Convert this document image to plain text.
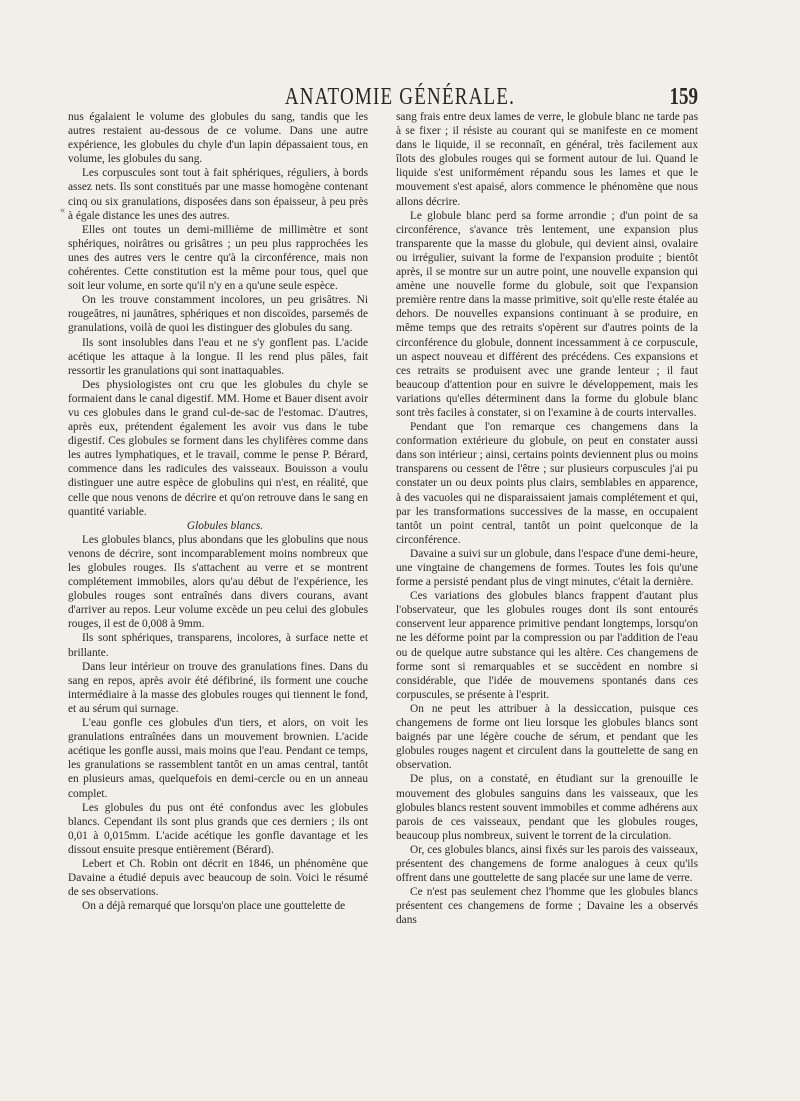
ANATOMIE GÉNÉRALE.	159
«

nus égalaient le volume des globules du sang, tandis que les autres restaient au-dessous de ce volume. Dans une autre expérience, les globules du chyle d'un lapin dépassaient tous, en volume, les globules du sang.

Les corpuscules sont tout à fait sphériques, réguliers, à bords assez nets. Ils sont constitués par une masse homogène contenant cinq ou six granulations, disposées dans son épaisseur, à peu près à égale distance les unes des autres.

Elles ont toutes un demi-millième de millimètre et sont sphériques, noirâtres ou grisâtres ; un peu plus rapprochées les unes des autres vers le centre qu'à la circonférence, mais non cohérentes. Cette constitution est la même pour tous, quel que soit leur volume, en sorte qu'il n'y en a qu'une seule espèce.

On les trouve constamment incolores, un peu grisâtres. Ni rougeâtres, ni jaunâtres, sphériques et non discoïdes, parsemés de granulations, voilà de quoi les distinguer des globules du sang.

Ils sont insolubles dans l'eau et ne s'y gonflent pas. L'acide acétique les attaque à la longue. Il les rend plus pâles, fait ressortir les granulations qui sont inattaquables.

Des physiologistes ont cru que les globules du chyle se formaient dans le canal digestif. MM. Home et Bauer disent avoir vu ces globules dans le grand cul-de-sac de l'estomac. D'autres, après eux, prétendent également les avoir vus dans le tube digestif. Ces globules se forment dans les chylifères comme dans les autres lymphatiques, et le travail, comme le pense P. Bérard, commence dans les radicules des vaisseaux. Bouisson a voulu distinguer une autre espèce de globulins qui n'est, en réalité, que celle que nous venons de décrire et qu'on retrouve dans le sang en quantité variable.

Globules blancs.

Les globules blancs, plus abondans que les globulins que nous venons de décrire, sont incomparablement moins nombreux que les globules rouges. Ils s'attachent au verre et se montrent complétement immobiles, alors qu'au début de l'expérience, les globules rouges sont entraînés dans divers courans, avant d'arriver au repos. Leur volume excède un peu celui des globules rouges, il est de 0,008 à 9mm.

Ils sont sphériques, transparens, incolores, à surface nette et brillante.

Dans leur intérieur on trouve des granulations fines. Dans du sang en repos, après avoir été défibriné, ils forment une couche intermédiaire à la masse des globules rouges qui tiennent le fond, et au sérum qui surnage.

L'eau gonfle ces globules d'un tiers, et alors, on voit les granulations entraînées dans un mouvement brownien. L'acide acétique les gonfle aussi, mais moins que l'eau. Pendant ce temps, les granulations se rassemblent tantôt en un amas central, tantôt en plusieurs amas, quelquefois en demi-cercle ou en un anneau complet.

Les globules du pus ont été confondus avec les globules blancs. Cependant ils sont plus grands que ces derniers ; ils ont 0,01 à 0,015mm. L'acide acétique les gonfle davantage et les dissout ensuite presque entièrement (Bérard).

Lebert et Ch. Robin ont décrit en 1846, un phénomène que Davaine a étudié depuis avec beaucoup de soin. Voici le résumé de ses observations.

On a déjà remarqué que lorsqu'on place une gouttelette de

sang frais entre deux lames de verre, le globule blanc ne tarde pas à se fixer ; il résiste au courant qui se manifeste en ce moment dans le liquide, il se reconnaît, en général, très facilement aux îlots des globules rouges qui se forment autour de lui. Quand le liquide s'est uniformément répandu sous les lames et que le mouvement s'est apaisé, alors commence le phénomène que nous allons décrire.

Le globule blanc perd sa forme arrondie ; d'un point de sa circonférence, s'avance très lentement, une expansion plus transparente que la masse du globule, qui devient ainsi, ovalaire ou irrégulier, suivant la forme de l'expansion produite ; bientôt après, il se montre sur un autre point, une nouvelle expansion qui amène une nouvelle forme du globule, soit que l'expansion première rentre dans la masse primitive, soit qu'elle reste étalée au dehors. De nouvelles expansions continuant à se produire, en même temps que des retraits s'opèrent sur d'autres points de la circonférence du globule, donnent incessamment à ce corpuscule, un aspect nouveau et différent des précédens. Ces expansions et ces retraits se produisent avec une grande lenteur ; il faut beaucoup d'attention pour en suivre le développement, mais les variations qu'elles déterminent dans la forme du globule blanc sont très faciles à constater, si on l'examine à de courts intervalles.

Pendant que l'on remarque ces changemens dans la conformation extérieure du globule, on peut en constater aussi dans son intérieur ; ainsi, certains points deviennent plus ou moins transparens ou cessent de l'être ; sur plusieurs corpuscules j'ai pu constater un ou deux points plus clairs, semblables en apparence, à des vacuoles qui ne disparaissaient jamais complétement et qui, par les transformations successives de la masse, en occupaient tantôt un point central, tantôt un point quelconque de la circonférence.

Davaine a suivi sur un globule, dans l'espace d'une demi-heure, une vingtaine de changemens de formes. Toutes les fois qu'une forme a persisté pendant plus de vingt minutes, c'était la dernière.

Ces variations des globules blancs frappent d'autant plus l'observateur, que les globules rouges dont ils sont entourés conservent leur apparence primitive pendant longtemps, lorsqu'on ne les déforme point par la compression ou par l'addition de l'eau ou de quelque autre substance qui les altère. Ces changemens de forme sont si remarquables et se succèdent en nombre si considérable, que l'idée de mouvemens spontanés dans ces corpuscules, se présente à l'esprit.

On ne peut les attribuer à la dessiccation, puisque ces changemens de forme ont lieu lorsque les globules blancs sont baignés par une légère couche de sérum, et pendant que les globules rouges nagent et circulent dans la gouttelette de sang en observation.

De plus, on a constaté, en étudiant sur la grenouille le mouvement des globules sanguins dans les vaisseaux, que les globules blancs restent souvent immobiles et comme adhérens aux parois de ces vaisseaux, pendant que les globules rouges, beaucoup plus nombreux, suivent le torrent de la circulation.

Or, ces globules blancs, ainsi fixés sur les parois des vaisseaux, présentent des changemens de forme analogues à ceux qu'ils offrent dans une gouttelette de sang placée sur une lame de verre.

Ce n'est pas seulement chez l'homme que les globules blancs présentent ces changemens de forme ; Davaine les a observés dans
